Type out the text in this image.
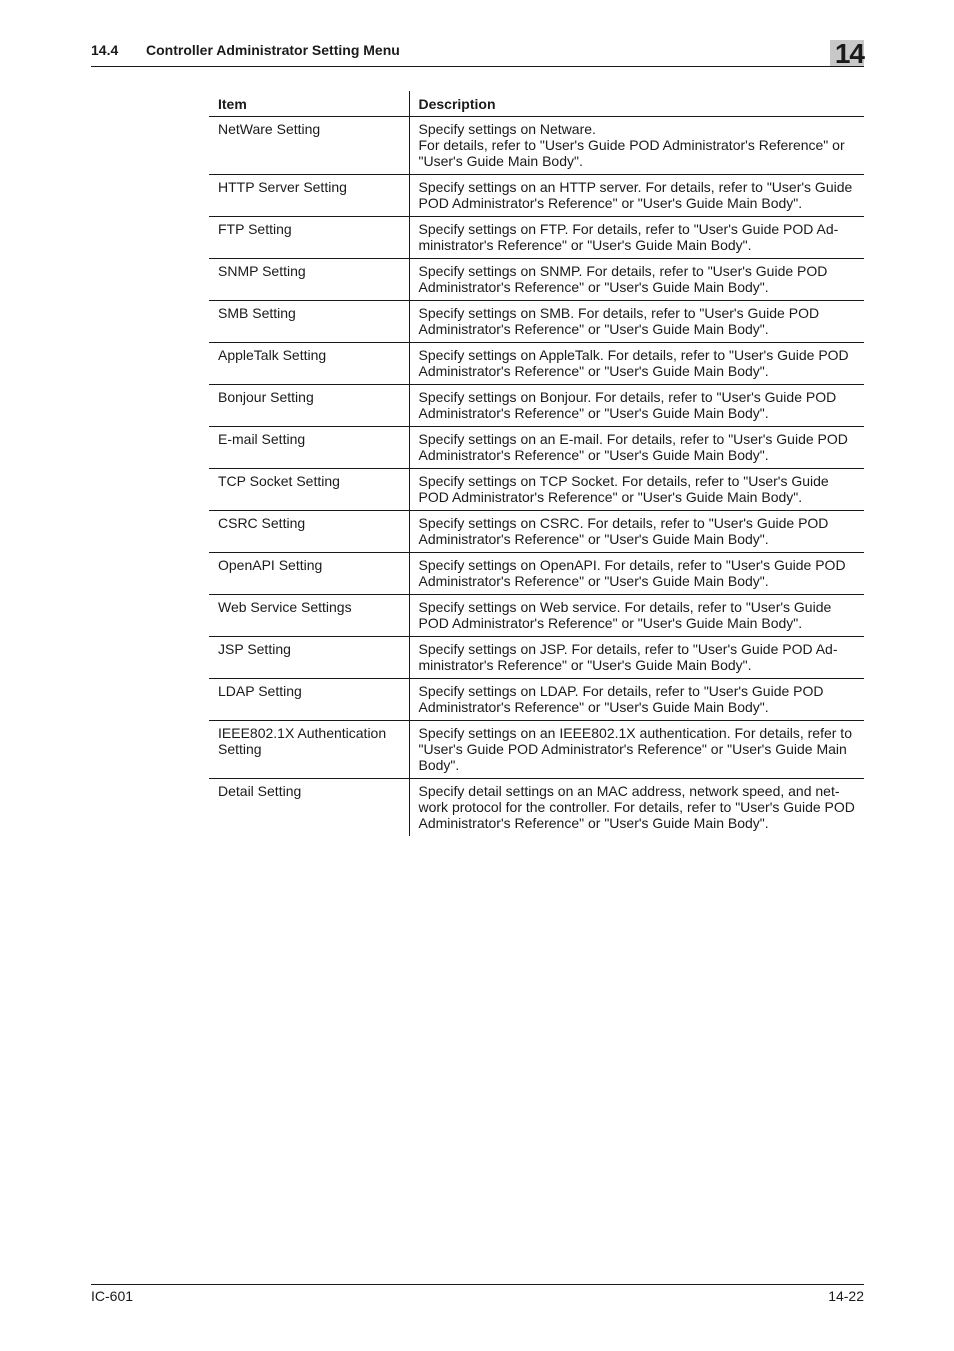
14.4 Controller Administrator Setting Menu	14
Item	Description
NetWare Setting	Specify settings on Netware.
For details, refer to "User's Guide POD Administrator's Reference" or "User's Guide Main Body".
HTTP Server Setting	Specify settings on an HTTP server. For details, refer to "User's Guide POD Administrator's Reference" or "User's Guide Main Body".
FTP Setting	Specify settings on FTP. For details, refer to "User's Guide POD Ad-ministrator's Reference" or "User's Guide Main Body".
SNMP Setting	Specify settings on SNMP. For details, refer to "User's Guide POD Administrator's Reference" or "User's Guide Main Body".
SMB Setting	Specify settings on SMB. For details, refer to "User's Guide POD Administrator's Reference" or "User's Guide Main Body".
AppleTalk Setting	Specify settings on AppleTalk. For details, refer to "User's Guide POD Administrator's Reference" or "User's Guide Main Body".
Bonjour Setting	Specify settings on Bonjour. For details, refer to "User's Guide POD Administrator's Reference" or "User's Guide Main Body".
E-mail Setting	Specify settings on an E-mail. For details, refer to "User's Guide POD Administrator's Reference" or "User's Guide Main Body".
TCP Socket Setting	Specify settings on TCP Socket. For details, refer to "User's Guide POD Administrator's Reference" or "User's Guide Main Body".
CSRC Setting	Specify settings on CSRC. For details, refer to "User's Guide POD Administrator's Reference" or "User's Guide Main Body".
OpenAPI Setting	Specify settings on OpenAPI. For details, refer to "User's Guide POD Administrator's Reference" or "User's Guide Main Body".
Web Service Settings	Specify settings on Web service. For details, refer to "User's Guide POD Administrator's Reference" or "User's Guide Main Body".
JSP Setting	Specify settings on JSP. For details, refer to "User's Guide POD Ad-ministrator's Reference" or "User's Guide Main Body".
LDAP Setting	Specify settings on LDAP. For details, refer to "User's Guide POD Administrator's Reference" or "User's Guide Main Body".
IEEE802.1X Authentication Setting	Specify settings on an IEEE802.1X authentication. For details, refer to "User's Guide POD Administrator's Reference" or "User's Guide Main Body".
Detail Setting	Specify detail settings on an MAC address, network speed, and net-work protocol for the controller. For details, refer to "User's Guide POD Administrator's Reference" or "User's Guide Main Body".
IC-601	14-22
